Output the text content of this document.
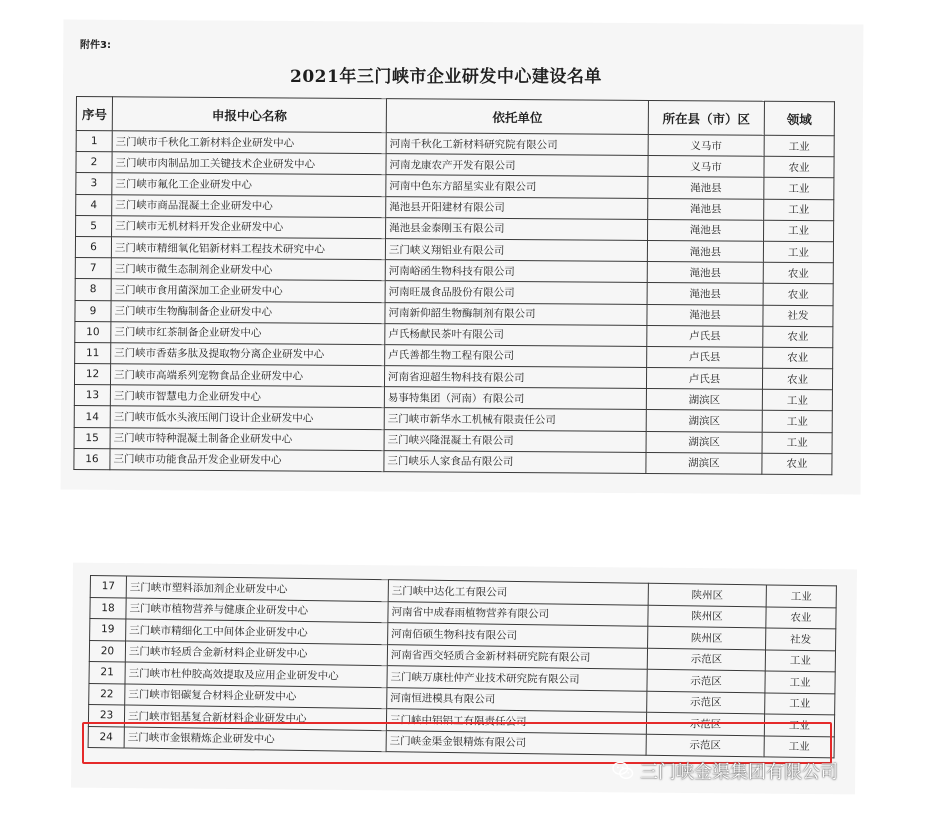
附件3:
2021年三门峡市企业研发中心建设名单
序号	申报中心名称	依托单位	所在县（市）区	领域
1	三门峡市千秋化工新材料企业研发中心	河南千秋化工新材料研究院有限公司	义马市	工业
2	三门峡市肉制品加工关键技术企业研发中心	河南龙康农产开发有限公司	义马市	农业
3	三门峡市氟化工企业研发中心	河南中色东方韶星实业有限公司	渑池县	工业
4	三门峡市商品混凝土企业研发中心	渑池县开阳建材有限公司	渑池县	工业
5	三门峡市无机材料开发企业研发中心	渑池县金泰刚玉有限公司	渑池县	工业
6	三门峡市精细氧化铝新材料工程技术研究中心	三门峡义翔铝业有限公司	渑池县	工业
7	三门峡市微生态制剂企业研发中心	河南峪函生物科技有限公司	渑池县	农业
8	三门峡市食用菌深加工企业研发中心	河南旺晟食品股份有限公司	渑池县	农业
9	三门峡市生物酶制备企业研发中心	河南新仰韶生物酶制剂有限公司	渑池县	社发
10	三门峡市红茶制备企业研发中心	卢氏杨献民茶叶有限公司	卢氏县	农业
11	三门峡市香菇多肽及提取物分离企业研发中心	卢氏善都生物工程有限公司	卢氏县	农业
12	三门峡市高端系列宠物食品企业研发中心	河南省迎超生物科技有限公司	卢氏县	农业
13	三门峡市智慧电力企业研发中心	易事特集团（河南）有限公司	湖滨区	工业
14	三门峡市低水头液压闸门设计企业研发中心	三门峡市新华水工机械有限责任公司	湖滨区	工业
15	三门峡市特种混凝土制备企业研发中心	三门峡兴隆混凝土有限公司	湖滨区	工业
16	三门峡市功能食品开发企业研发中心	三门峡乐人家食品有限公司	湖滨区	农业
17	三门峡市塑料添加剂企业研发中心	三门峡中达化工有限公司	陕州区	工业
18	三门峡市植物营养与健康企业研发中心	河南省中成春雨植物营养有限公司	陕州区	农业
19	三门峡市精细化工中间体企业研发中心	河南佰硕生物科技有限公司	陕州区	社发
20	三门峡市轻质合金新材料企业研发中心	河南省西交轻质合金新材料研究院有限公司	示范区	工业
21	三门峡市杜仲胶高效提取及应用企业研发中心	三门峡万康杜仲产业技术研究院有限公司	示范区	工业
22	三门峡市铝碳复合材料企业研发中心	河南恒进模具有限公司	示范区	工业
23	三门峡市铝基复合新材料企业研发中心	三门峡中铝铝工有限责任公司	示范区	工业
24	三门峡市金银精炼企业研发中心	三门峡金渠金银精炼有限公司	示范区	工业
三门峡金渠集团有限公司
